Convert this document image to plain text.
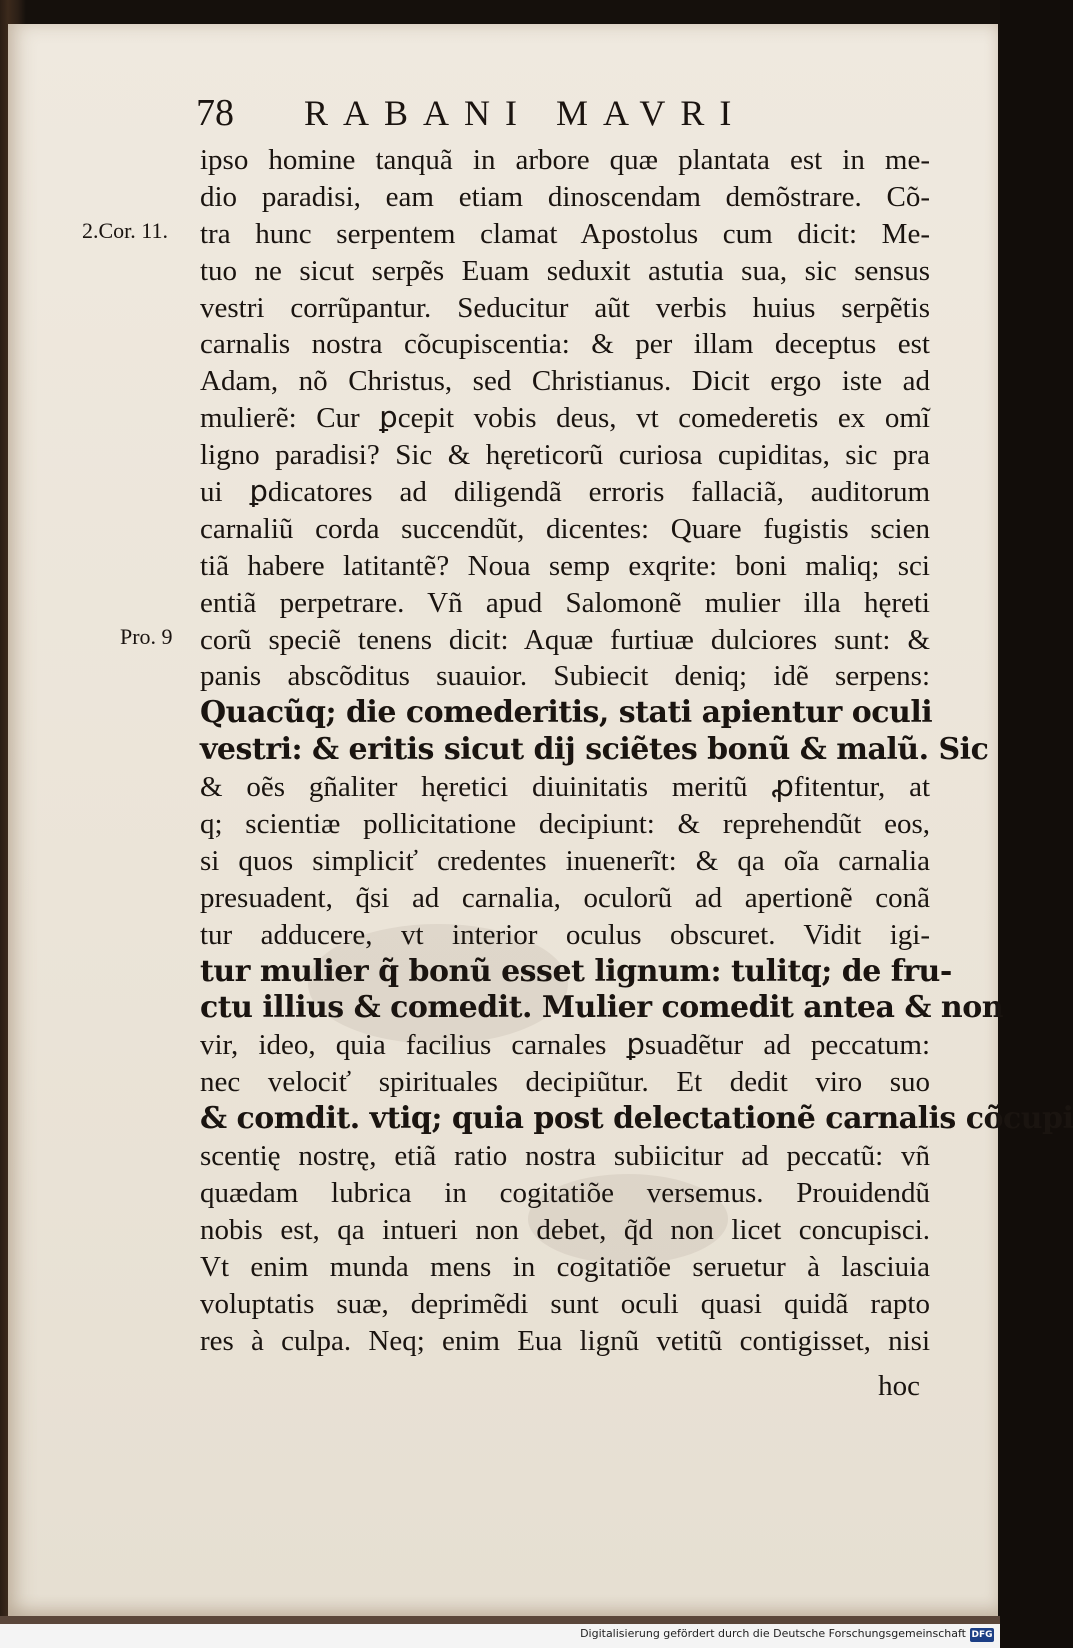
78 RABANI MAVRI
2.Cor. 11.
Pro. 9
ipso homine tanquã in arbore quæ plantata est in me-
dio paradisi, eam etiam dinoscendam demõstrare. Cõ-
tra hunc serpentem clamat Apostolus cum dicit: Me-
tuo ne sicut serpẽs Euam seduxit astutia sua, sic sensus
vestri corrũpantur. Seducitur aũt verbis huius serpẽtis
carnalis nostra cõcupiscentia: & per illam deceptus est
Adam, nõ Christus, sed Christianus. Dicit ergo iste ad
mulierẽ: Cur ꝑcepit vobis deus, vt comederetis ex omĩ
ligno paradisi? Sic & hęreticorũ curiosa cupiditas, sic pra
ui ꝑdicatores ad diligendã erroris fallaciã, auditorum
carnaliũ corda succendũt, dicentes: Quare fugistis scien
tiã habere latitantẽ? Noua semp exqrite: boni maliq; sci
entiã perpetrare. Vñ apud Salomonẽ mulier illa hęreti
corũ speciẽ tenens dicit: Aquæ furtiuæ dulciores sunt: &
panis abscõditus suauior. Subiecit deniq; idẽ serpens:
Quacũq; die comederitis, stati apientur oculi
vestri: & eritis sicut dij sciẽtes bonũ & malũ. Sic
& oẽs gñaliter hęretici diuinitatis meritũ ꝓfitentur, at
q; scientiæ pollicitatione decipiunt: & reprehendũt eos,
si quos simpliciť credentes inuenerĩt: & qa oĩa carnalia
presuadent, q̃si ad carnalia, oculorũ ad apertionẽ conã
tur adducere, vt interior oculus obscuret. Vidit igi-
tur mulier q̃ bonũ esset lignum: tulitq; de fru-
ctu illius & comedit. Mulier comedit antea & non
vir, ideo, quia facilius carnales ꝑsuadẽtur ad peccatum:
nec velociť spirituales decipiũtur. Et dedit viro suo
& comdit. vtiq; quia post delectationẽ carnalis cõcupi
scentię nostrę, etiã ratio nostra subiicitur ad peccatũ: vñ
quædam lubrica in cogitatiõe versemus. Prouidendũ
nobis est, qa intueri non debet, q̃d non licet concupisci.
Vt enim munda mens in cogitatiõe seruetur à lasciuia
voluptatis suæ, deprimẽdi sunt oculi quasi quidã rapto
res à culpa. Neq; enim Eua lignũ vetitũ contigisset, nisi
hoc
Digitalisierung gefördert durch die Deutsche Forschungsgemeinschaft DFG
